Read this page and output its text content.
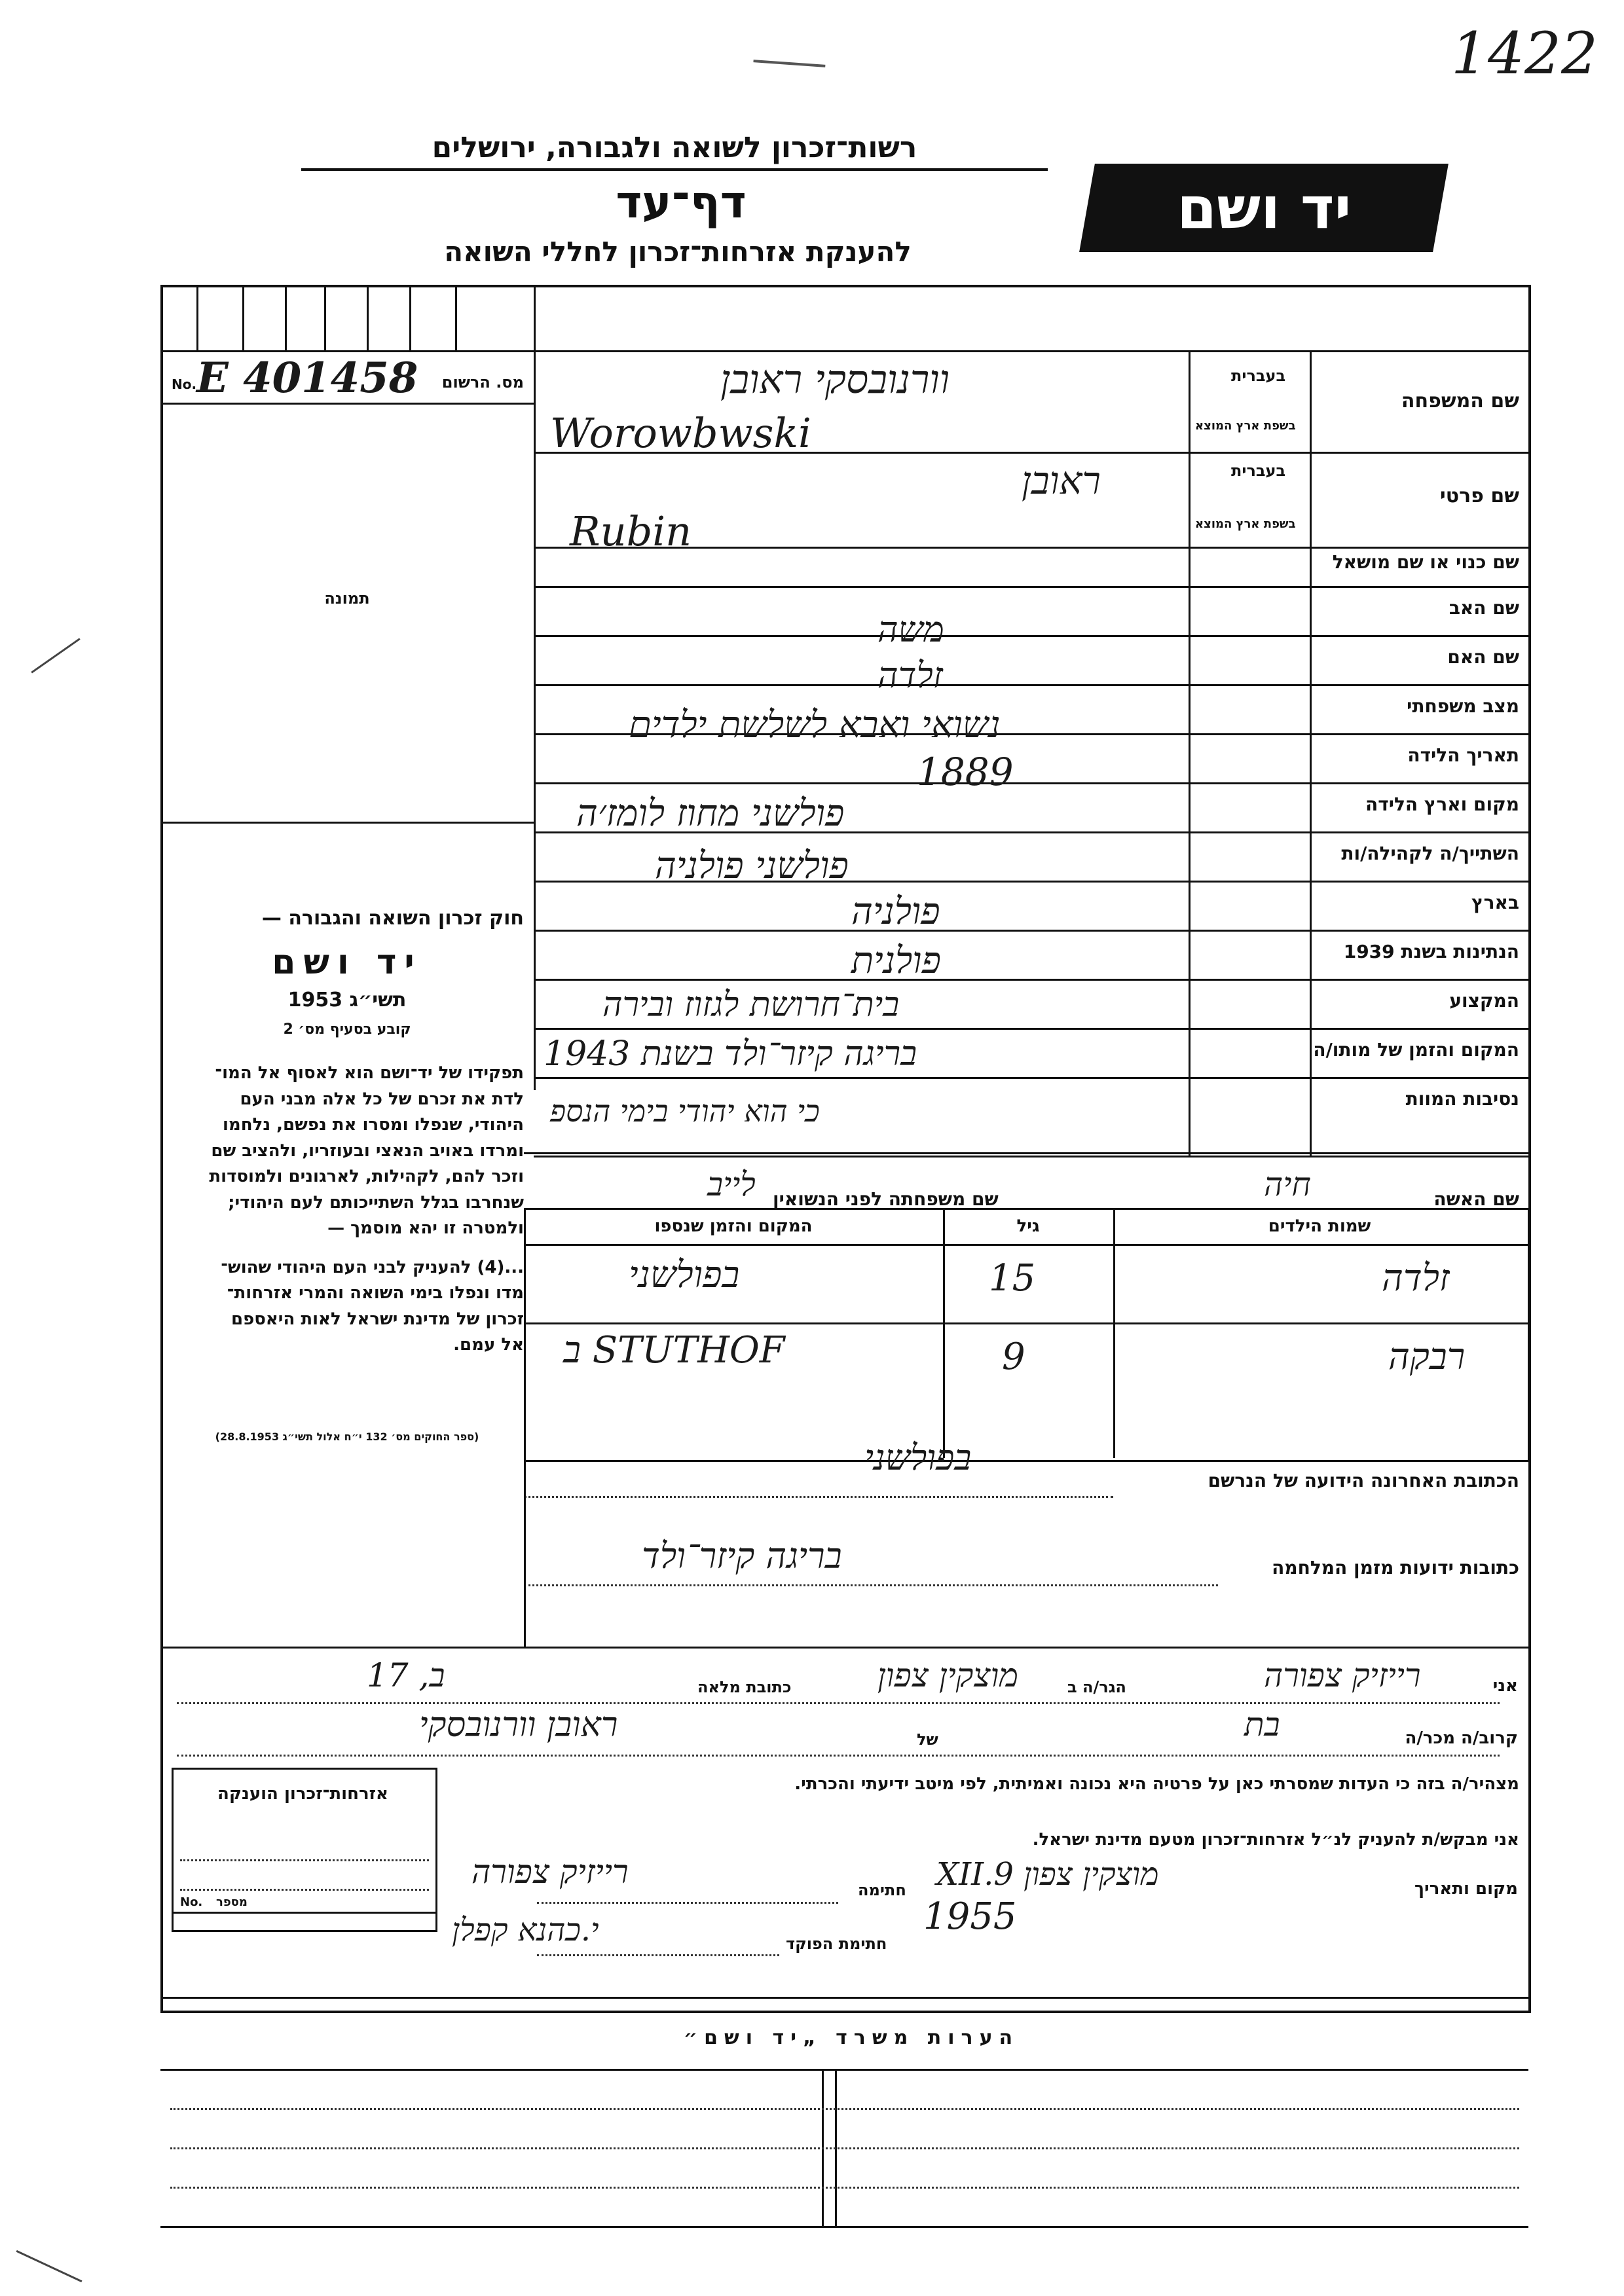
1422
רשות־זכרון לשואה ולגבורה, ירושלים
דף־עד
להענקת אזרחות־זכרון לחללי השואה
יד ושם
מס. הרשום
No. E 401458
תמונה
חוק זכרון השואה והגבורה —
יד ושם
תשי״ג 1953
קובע בסעיף מס׳ 2
תפקידו של יד־ושם הוא לאסוף אל המו־
לדת את זכרם של כל אלה מבני העם
היהודי, שנפלו ומסרו את נפשם, נלחמו
ומרדו באויב הנאצי ובעוזריו, ולהציב שם
וזכר להם, לקהילות, לארגונים ולמוסדות
שנחרבו בגלל השתייכותם לעם היהודי;
ולמטרה זו יהא מוסמך —
...(4) להעניק לבני העם היהודי שהוש־
מדו ונפלו בימי השואה והמרי אזרחות־
זכרון של מדינת ישראל לאות היאספם
אל עמם.
(ספר החוקים מס׳ 132 י״ח אלול תשי״ג 28.8.1953)
בעברית
בשפת ארץ המוצא
שם המשפחה
בעברית
בשפת ארץ המוצא
שם פרטי
שם כנוי או שם מושאל
שם האב
שם האם
מצב משפחתי
תאריך הלידה
מקום וארץ הלידה
השתייך/ה לקהילה/ות
בארץ
הנתינות בשנת 1939
המקצוע
המקום והזמן של מותו/ה
נסיבות המוות
וורנובסקי ראובן
Worowbwski
ראובן
Rubin
משה
זלדה
נשואי ואבא לשלשת ילדים
1889
פולשני מחוז לומז׳ה
פולשני פולניה
פולניה
פולנית
בית־חרושת לגזוז ובירה
בריגה קיזר־ולד בשנת 1943
כי הוא יהודי בימי הנספ
שם האשה
חיה
שם משפחתה לפני הנשואין
לייב
שמות הילדים
גיל
המקום והזמן שנספו
זלדה
15
בפולשני
רבקה
9
ב STUTHOF
הכתובת האחרונה הידועה של הנרשם
בפולשני
כתובות ידועות מזמן המלחמה
בריגה קיזר־ולד
אני
רייזיק צפורה
הגר/ה ב
מוצקין צפון
כתובת מלאה
ב, 17
קרוב/ה מכר/ה
בת
של
ראובן וורנובסקי
מצהיר/ה בזה כי העדות שמסרתי כאן על פרטיה היא נכונה ואמיתית, לפי מיטב ידיעתי והכרתי.
אני מבקש/ת להעניק לנ״ל אזרחות־זכרון מטעם מדינת ישראל.
מקום ותאריך
מוצקין צפון 9.XII
1955
חתימה
רייזיק צפורה
חתימת הפוקד
י.כהנא קפלן
אזרחות־זכרון הוענקה
No. מספר
הערות משרד „יד ושם״
